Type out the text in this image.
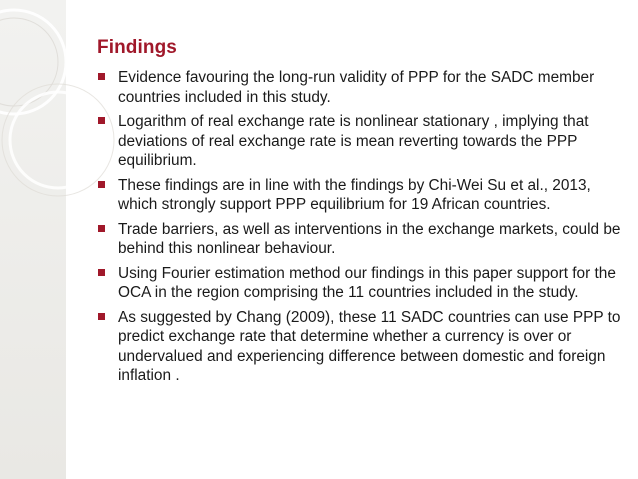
Findings
Evidence favouring the long-run validity of PPP for the SADC member countries included in this study.
Logarithm of real exchange rate is nonlinear stationary , implying that deviations of real exchange rate is mean reverting towards the PPP equilibrium.
These findings are in line with the findings by Chi-Wei Su et al., 2013, which strongly support PPP equilibrium for 19 African countries.
Trade barriers, as well as interventions in the exchange markets, could be behind this nonlinear behaviour.
Using Fourier estimation method our findings in this paper support for the OCA in the region comprising the 11 countries included in the study.
As suggested by Chang (2009), these 11 SADC countries can use PPP to predict exchange rate that determine whether a currency is over or undervalued and experiencing difference between domestic and foreign inflation .
